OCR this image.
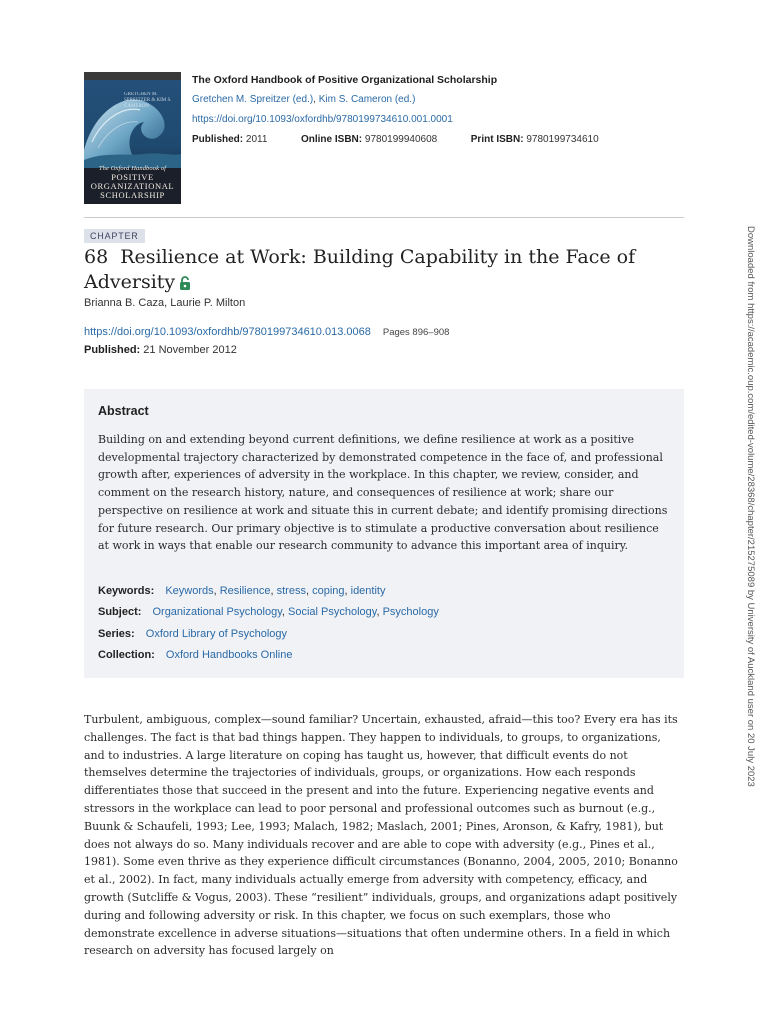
GRETCHEN M. SPREITZER & KIM S. CAMERON
The Oxford Handbook of
POSITIVE
ORGANIZATIONAL
SCHOLARSHIP
The Oxford Handbook of Positive Organizational Scholarship
Gretchen M. Spreitzer (ed.), Kim S. Cameron (ed.)
https://doi.org/10.1093/oxfordhb/9780199734610.001.0001
Published: 2011	Online ISBN: 9780199940608	Print ISBN: 9780199734610
CHAPTER
68 Resilience at Work: Building Capability in the Face of Adversity
Brianna B. Caza, Laurie P. Milton
https://doi.org/10.1093/oxfordhb/9780199734610.013.0068 Pages 896–908
Published: 21 November 2012
Abstract

Building on and extending beyond current definitions, we define resilience at work as a positive developmental trajectory characterized by demonstrated competence in the face of, and professional growth after, experiences of adversity in the workplace. In this chapter, we review, consider, and comment on the research history, nature, and consequences of resilience at work; share our perspective on resilience at work and situate this in current debate; and identify promising directions for future research. Our primary objective is to stimulate a productive conversation about resilience at work in ways that enable our research community to advance this important area of inquiry.

Keywords: Keywords, Resilience, stress, coping, identity
Subject: Organizational Psychology, Social Psychology, Psychology
Series: Oxford Library of Psychology
Collection: Oxford Handbooks Online

Turbulent, ambiguous, complex—sound familiar? Uncertain, exhausted, afraid—this too? Every era has its challenges. The fact is that bad things happen. They happen to individuals, to groups, to organizations, and to industries. A large literature on coping has taught us, however, that difficult events do not themselves determine the trajectories of individuals, groups, or organizations. How each responds differentiates those that succeed in the present and into the future. Experiencing negative events and stressors in the workplace can lead to poor personal and professional outcomes such as burnout (e.g., Buunk & Schaufeli, 1993; Lee, 1993; Malach, 1982; Maslach, 2001; Pines, Aronson, & Kafry, 1981), but does not always do so. Many individuals recover and are able to cope with adversity (e.g., Pines et al., 1981). Some even thrive as they experience difficult circumstances (Bonanno, 2004, 2005, 2010; Bonanno et al., 2002). In fact, many individuals actually emerge from adversity with competency, efficacy, and growth (Sutcliffe & Vogus, 2003). These “resilient” individuals, groups, and organizations adapt positively during and following adversity or risk. In this chapter, we focus on such exemplars, those who demonstrate excellence in adverse situations—situations that often undermine others. In a field in which research on adversity has focused largely on

Downloaded from https://academic.oup.com/edited-volume/28368/chapter/215275089 by University of Auckland user on 20 July 2023
